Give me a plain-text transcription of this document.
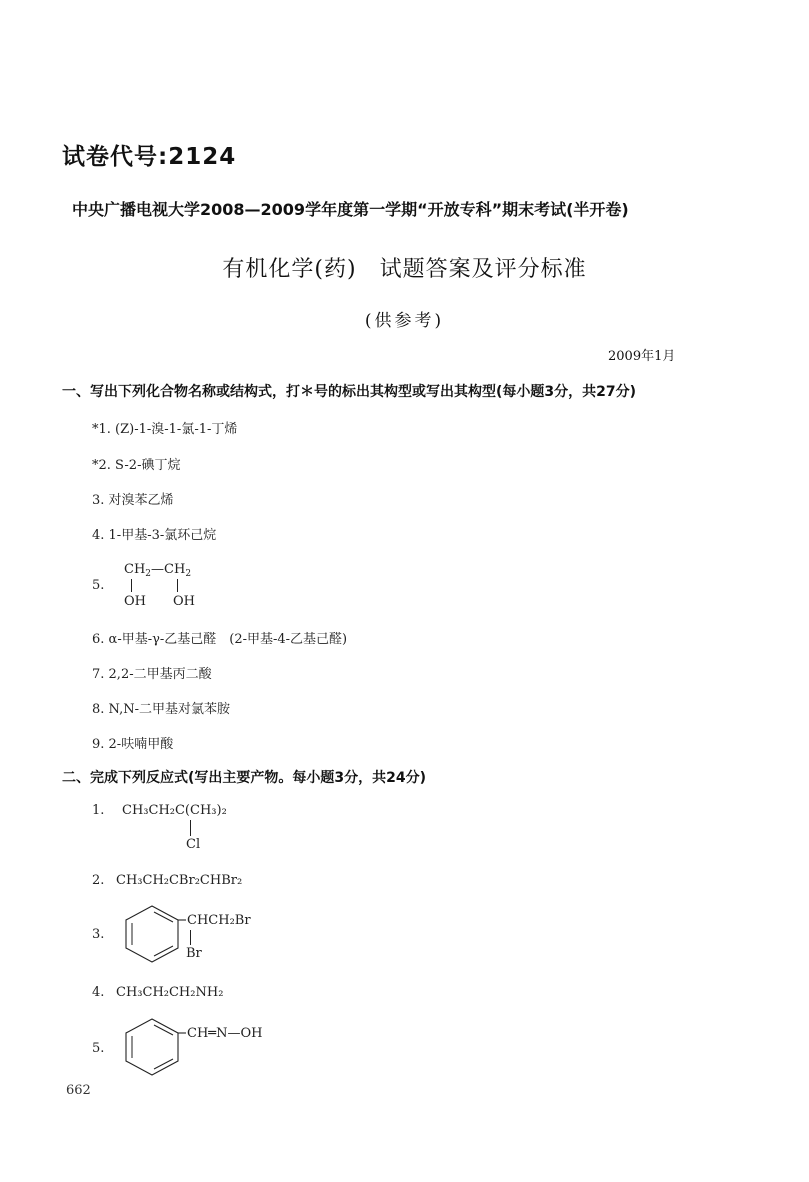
试卷代号:2124
中央广播电视大学2008—2009学年度第一学期“开放专科”期末考试(半开卷)
有机化学(药)　试题答案及评分标准
(供参考)
2009年1月
一、写出下列化合物名称或结构式，打＊号的标出其构型或写出其构型(每小题3分，共27分)
*1. (Z)-1-溴-1-氯-1-丁烯
*2. S-2-碘丁烷
3. 对溴苯乙烯
4. 1-甲基-3-氯环己烷
5.
$CH_2—CH_2$
OH OH
6. α-甲基-γ-乙基己醛　(2-甲基-4-乙基己醛)
7. 2,2-二甲基丙二酸
8. N,N-二甲基对氯苯胺
9. 2-呋喃甲酸
二、完成下列反应式(写出主要产物。每小题3分，共24分)
1. CH₃CH₂C(CH₃)₂
Cl
2. CH₃CH₂CBr₂CHBr₂
3.
CHCH₂Br
Br
4. CH₃CH₂CH₂NH₂
5.
CH═N—OH
662
